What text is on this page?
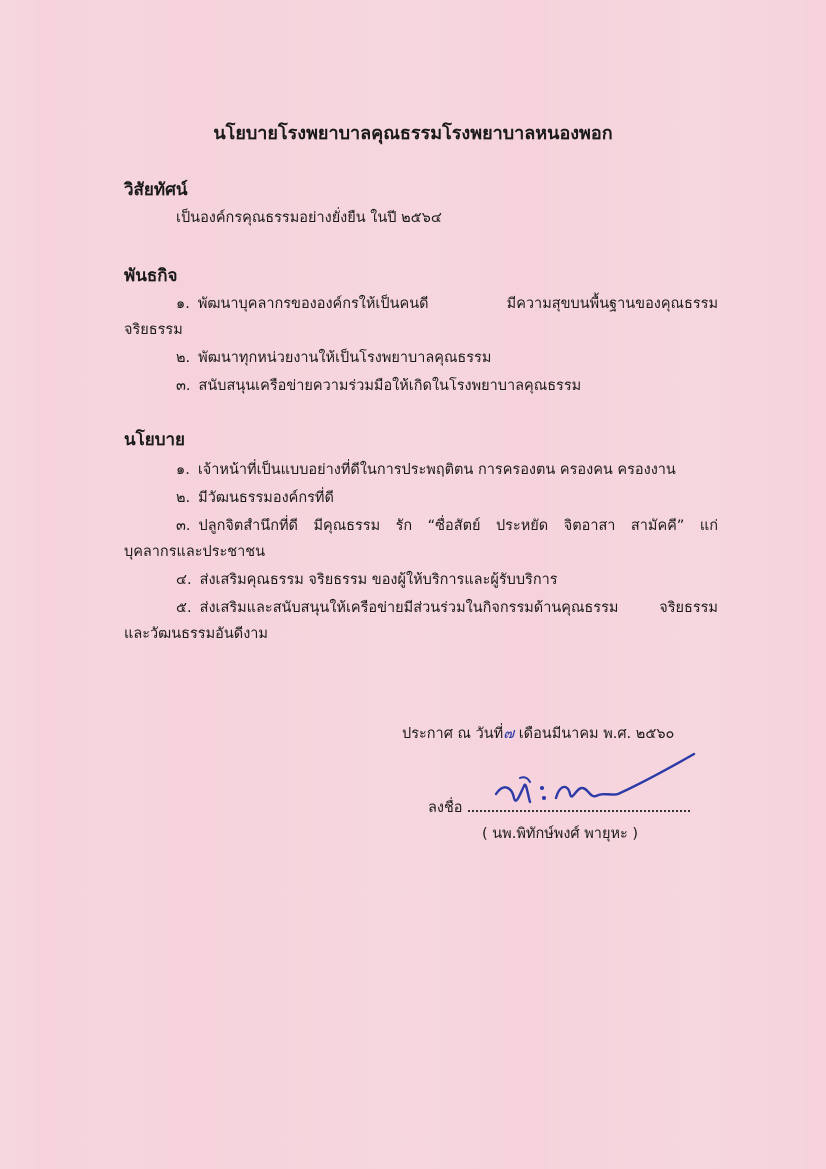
นโยบายโรงพยาบาลคุณธรรมโรงพยาบาลหนองพอก
วิสัยทัศน์
เป็นองค์กรคุณธรรมอย่างยั่งยืน ในปี ๒๕๖๔
พันธกิจ
๑. พัฒนาบุคลากรขององค์กรให้เป็นคนดี มีความสุขบนพื้นฐานของคุณธรรม
จริยธรรม
๒. พัฒนาทุกหน่วยงานให้เป็นโรงพยาบาลคุณธรรม
๓. สนับสนุนเครือข่ายความร่วมมือให้เกิดในโรงพยาบาลคุณธรรม
นโยบาย
๑. เจ้าหน้าที่เป็นแบบอย่างที่ดีในการประพฤติตน การครองตน ครองคน ครองงาน
๒. มีวัฒนธรรมองค์กรที่ดี
๓. ปลูกจิตสำนึกที่ดี มีคุณธรรม รัก “ซื่อสัตย์ ประหยัด จิตอาสา สามัคคี” แก่
บุคลากรและประชาชน
๔. ส่งเสริมคุณธรรม จริยธรรม ของผู้ให้บริการและผู้รับบริการ
๕. ส่งเสริมและสนับสนุนให้เครือข่ายมีส่วนร่วมในกิจกรรมด้านคุณธรรม จริยธรรม
และวัฒนธรรมอันดีงาม
ประกาศ ณ วันที่๗ เดือนมีนาคม พ.ศ. ๒๕๖๐
ลงชื่อ
( นพ.พิทักษ์พงศ์ พายุหะ )
